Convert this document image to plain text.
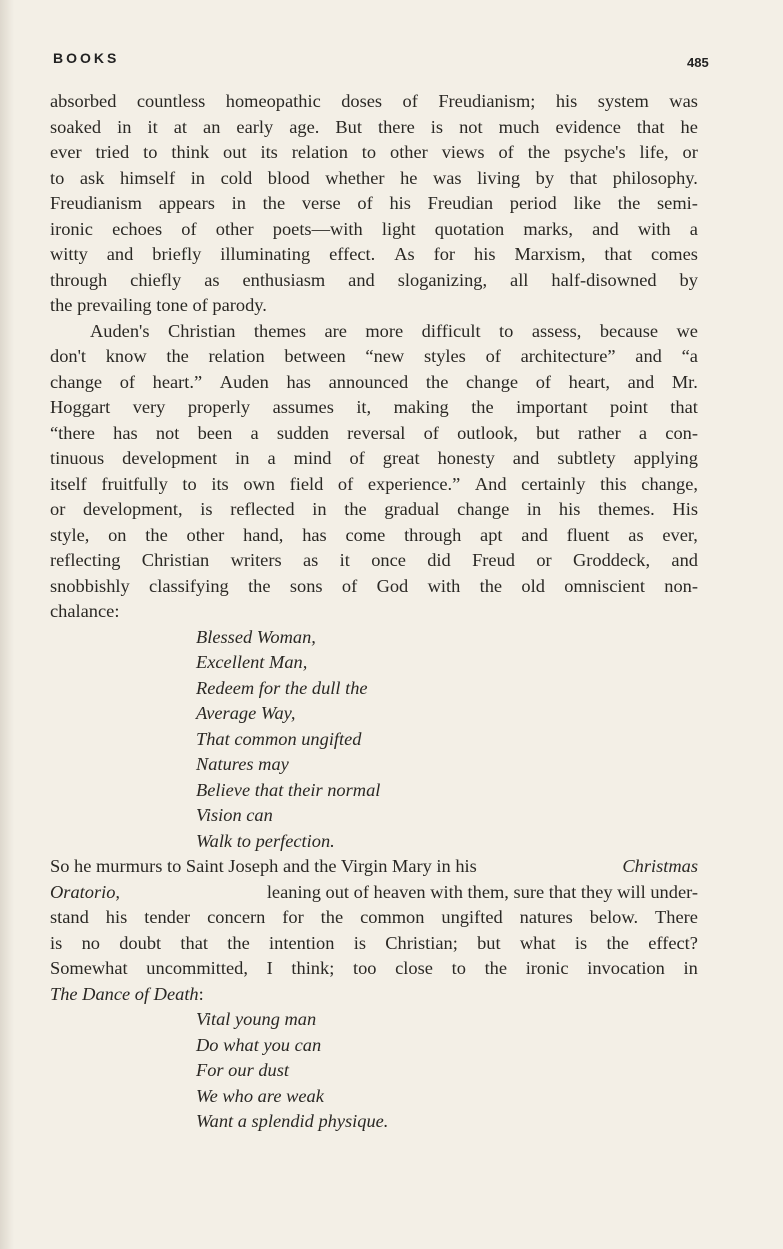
BOOKS	485
absorbed countless homeopathic doses of Freudianism; his system was
soaked in it at an early age. But there is not much evidence that he
ever tried to think out its relation to other views of the psyche's life, or
to ask himself in cold blood whether he was living by that philosophy.
Freudianism appears in the verse of his Freudian period like the semi-
ironic echoes of other poets—with light quotation marks, and with a
witty and briefly illuminating effect. As for his Marxism, that comes
through chiefly as enthusiasm and sloganizing, all half-disowned by
the prevailing tone of parody.
Auden's Christian themes are more difficult to assess, because we
don't know the relation between “new styles of architecture” and “a
change of heart.” Auden has announced the change of heart, and Mr.
Hoggart very properly assumes it, making the important point that
“there has not been a sudden reversal of outlook, but rather a con-
tinuous development in a mind of great honesty and subtlety applying
itself fruitfully to its own field of experience.” And certainly this change,
or development, is reflected in the gradual change in his themes. His
style, on the other hand, has come through apt and fluent as ever,
reflecting Christian writers as it once did Freud or Groddeck, and
snobbishly classifying the sons of God with the old omniscient non-
chalance:
Blessed Woman,
Excellent Man,
Redeem for the dull the
Average Way,
That common ungifted
Natures may
Believe that their normal
Vision can
Walk to perfection.
So he murmurs to Saint Joseph and the Virgin Mary in his	Christmas
Oratorio,	leaning out of heaven with them, sure that they will under-
stand his tender concern for the common ungifted natures below. There
is no doubt that the intention is Christian; but what is the effect?
Somewhat uncommitted, I think; too close to the ironic invocation in
The Dance of Death :
Vital young man
Do what you can
For our dust
We who are weak
Want a splendid physique.
